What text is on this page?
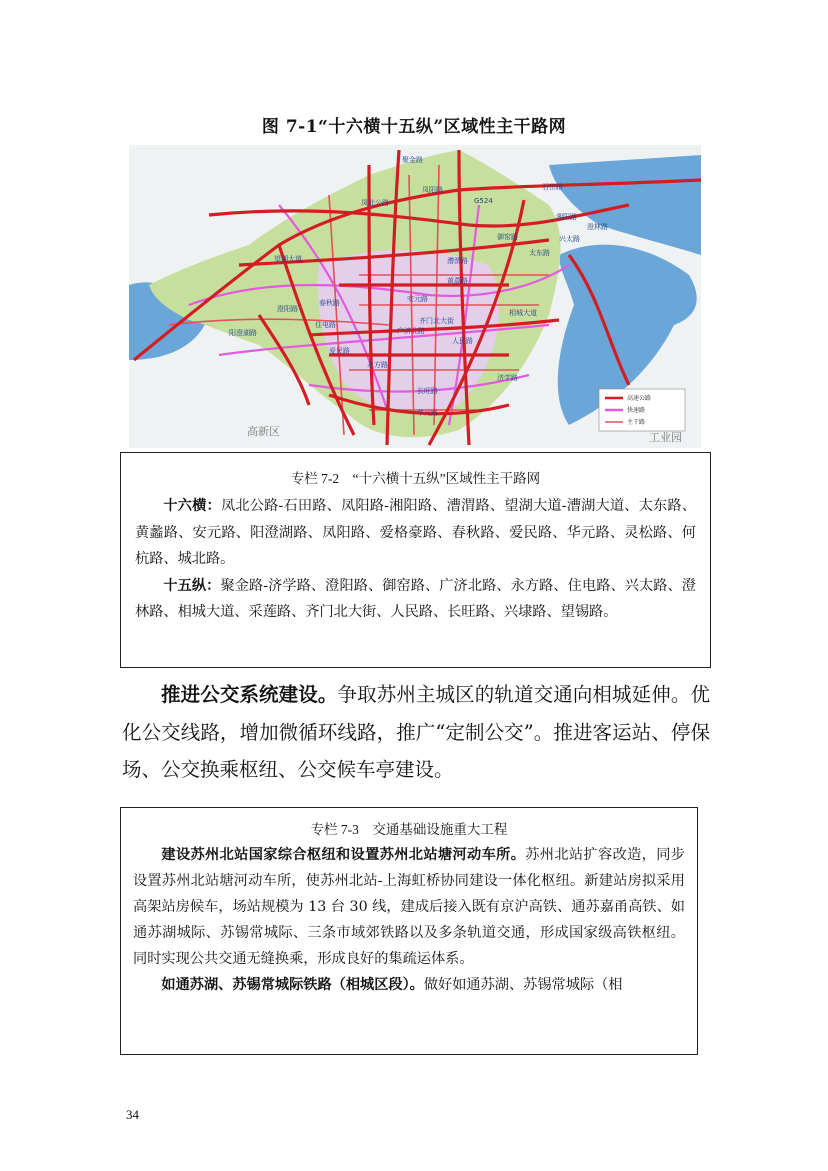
图 7-1“十六横十五纵”区域性主干路网
聚金路
凤阳路
凤北公路
石田路
湘阳路
御窑路
望湖大道	漕渭路
太东路
黄藠路
安元路
春秋路
澄阳路
住电路
广济北路
齐门北大街
永方路
人民路
兴太路
澄林路
相城大道
济学路
爱民路
长旺路
华元路
阳澄湖路
G524
高新区	工业园
高速公路
快速路
主干路
专栏 7-2　“十六横十五纵”区域性主干路网

十六横：凤北公路-石田路、凤阳路-湘阳路、漕渭路、望湖大道-漕湖大道、太东路、黄蠡路、安元路、阳澄湖路、凤阳路、爱格豪路、春秋路、爱民路、华元路、灵松路、何杭路、城北路。

十五纵：聚金路-济学路、澄阳路、御窑路、广济北路、永方路、住电路、兴太路、澄林路、相城大道、采莲路、齐门北大街、人民路、长旺路、兴埭路、望锡路。

推进公交系统建设。争取苏州主城区的轨道交通向相城延伸。优化公交线路，增加微循环线路，推广“定制公交”。推进客运站、停保场、公交换乘枢纽、公交候车亭建设。
专栏 7-3　交通基础设施重大工程

建设苏州北站国家综合枢纽和设置苏州北站塘河动车所。苏州北站扩容改造，同步设置苏州北站塘河动车所，使苏州北站-上海虹桥协同建设一体化枢纽。新建站房拟采用高架站房候车，场站规模为 13 台 30 线，建成后接入既有京沪高铁、通苏嘉甬高铁、如通苏湖城际、苏锡常城际、三条市域郊铁路以及多条轨道交通，形成国家级高铁枢纽。同时实现公共交通无缝换乘，形成良好的集疏运体系。

如通苏湖、苏锡常城际铁路（相城区段）。做好如通苏湖、苏锡常城际（相

34
